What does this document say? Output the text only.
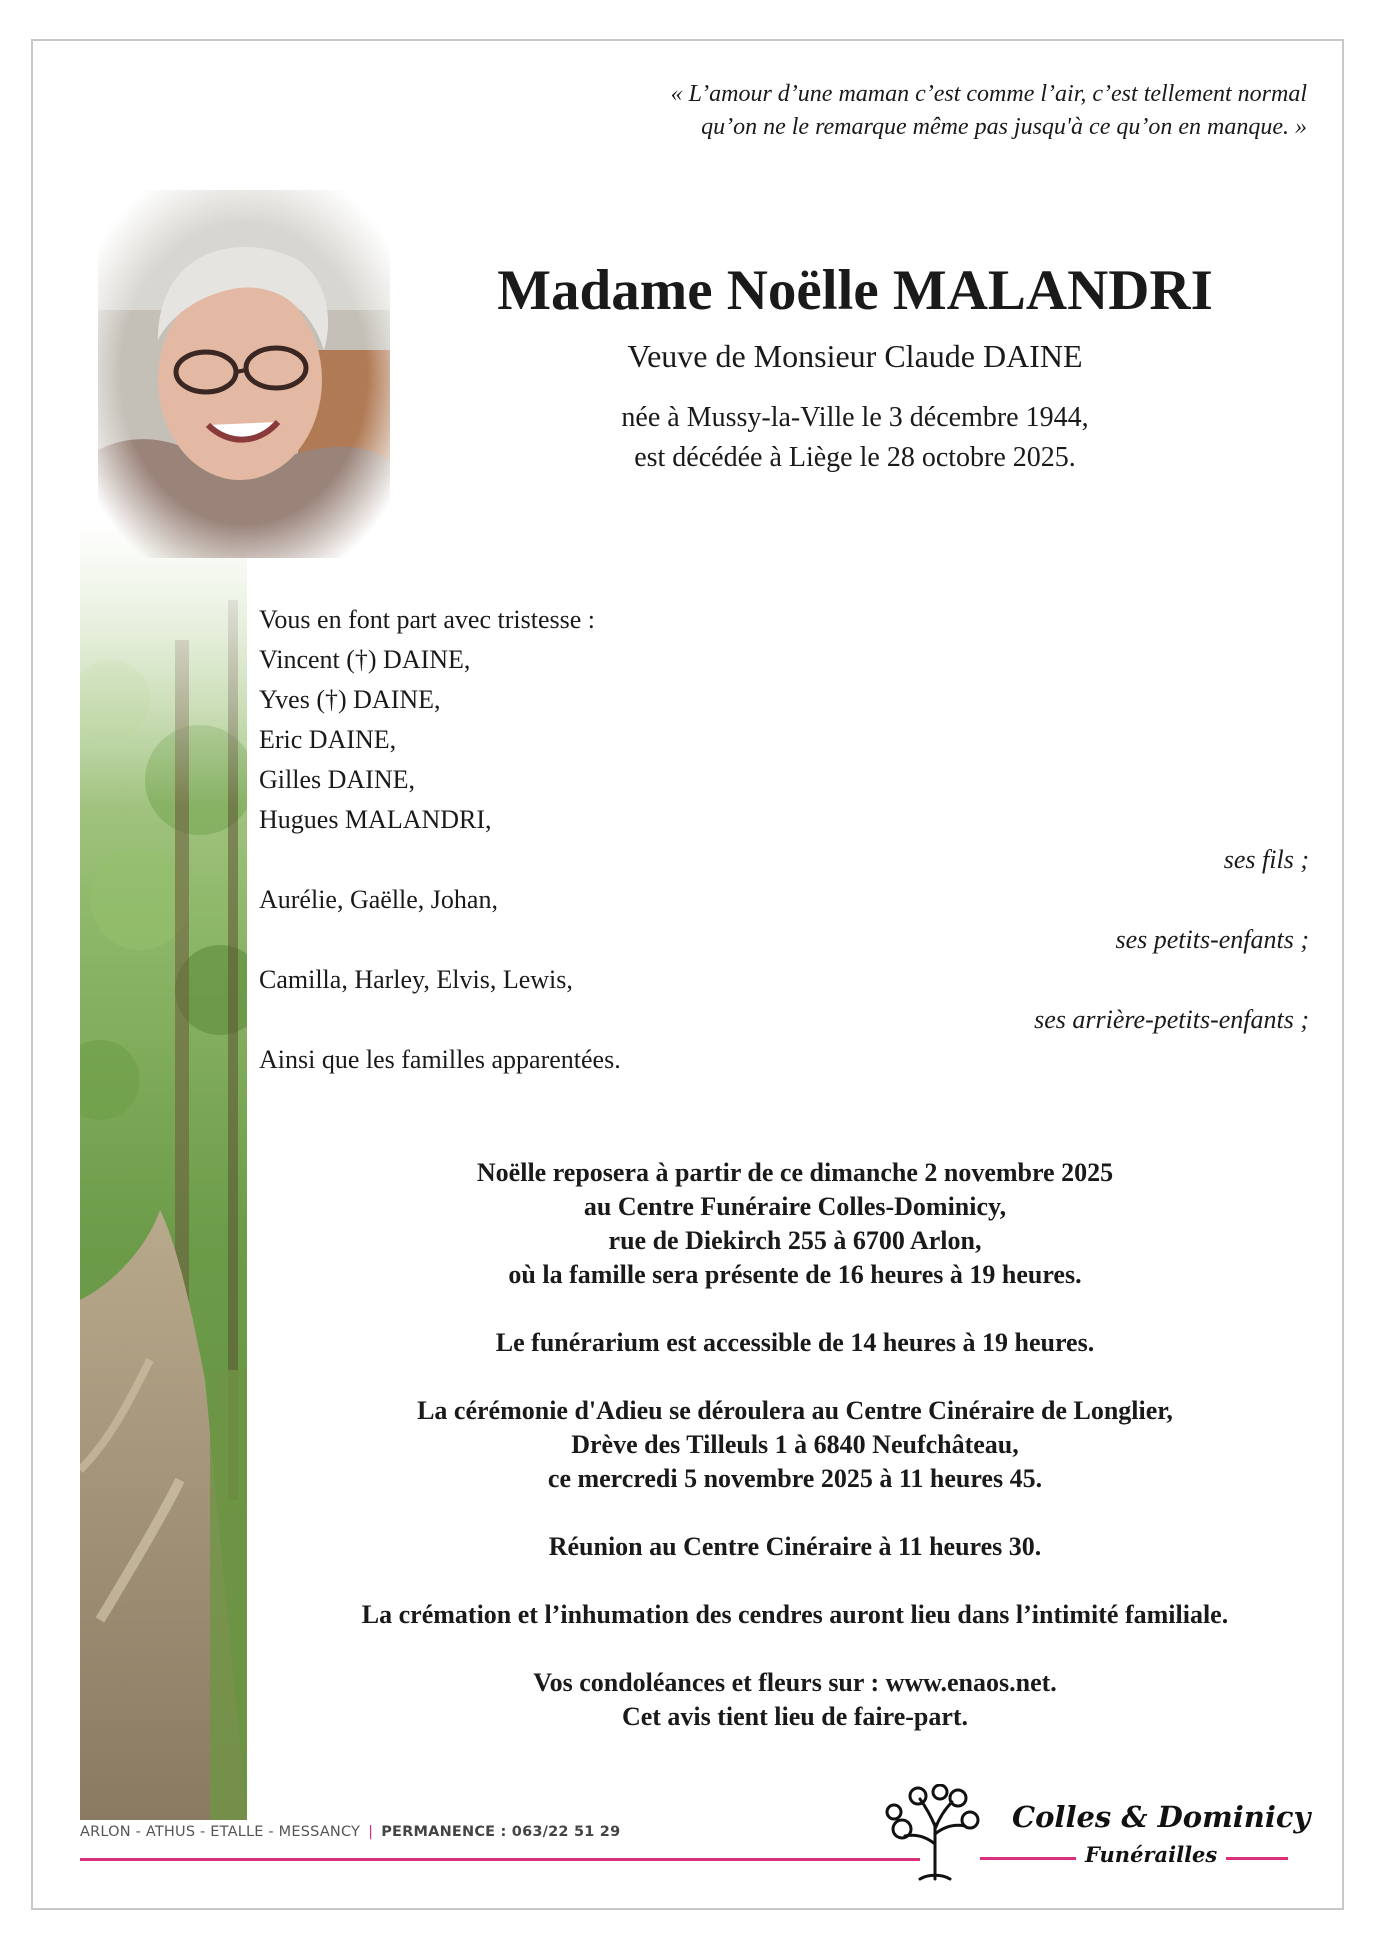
« L’amour d’une maman c’est comme l’air, c’est tellement normal
qu’on ne le remarque même pas jusqu'à ce qu’on en manque. »
Madame Noëlle MALANDRI
Veuve de Monsieur Claude DAINE
née à Mussy-la-Ville le 3 décembre 1944,
est décédée à Liège le 28 octobre 2025.
Vous en font part avec tristesse :
Vincent (†) DAINE,
Yves (†) DAINE,
Eric DAINE,
Gilles DAINE,
Hugues MALANDRI,
ses fils ;
Aurélie, Gaëlle, Johan,
ses petits-enfants ;
Camilla, Harley, Elvis, Lewis,
ses arrière-petits-enfants ;
Ainsi que les familles apparentées.
Noëlle reposera à partir de ce dimanche 2 novembre 2025
au Centre Funéraire Colles-Dominicy,
rue de Diekirch 255 à 6700 Arlon,
où la famille sera présente de 16 heures à 19 heures.
Le funérarium est accessible de 14 heures à 19 heures.
La cérémonie d'Adieu se déroulera au Centre Cinéraire de Longlier,
Drève des Tilleuls 1 à 6840 Neufchâteau,
ce mercredi 5 novembre 2025 à 11 heures 45.
Réunion au Centre Cinéraire à 11 heures 30.
La crémation et l’inhumation des cendres auront lieu dans l’intimité familiale.
Vos condoléances et fleurs sur : www.enaos.net.
Cet avis tient lieu de faire-part.
ARLON - ATHUS - ETALLE - MESSANCY | PERMANENCE : 063/22 51 29	Colles & Dominicy
Funérailles
